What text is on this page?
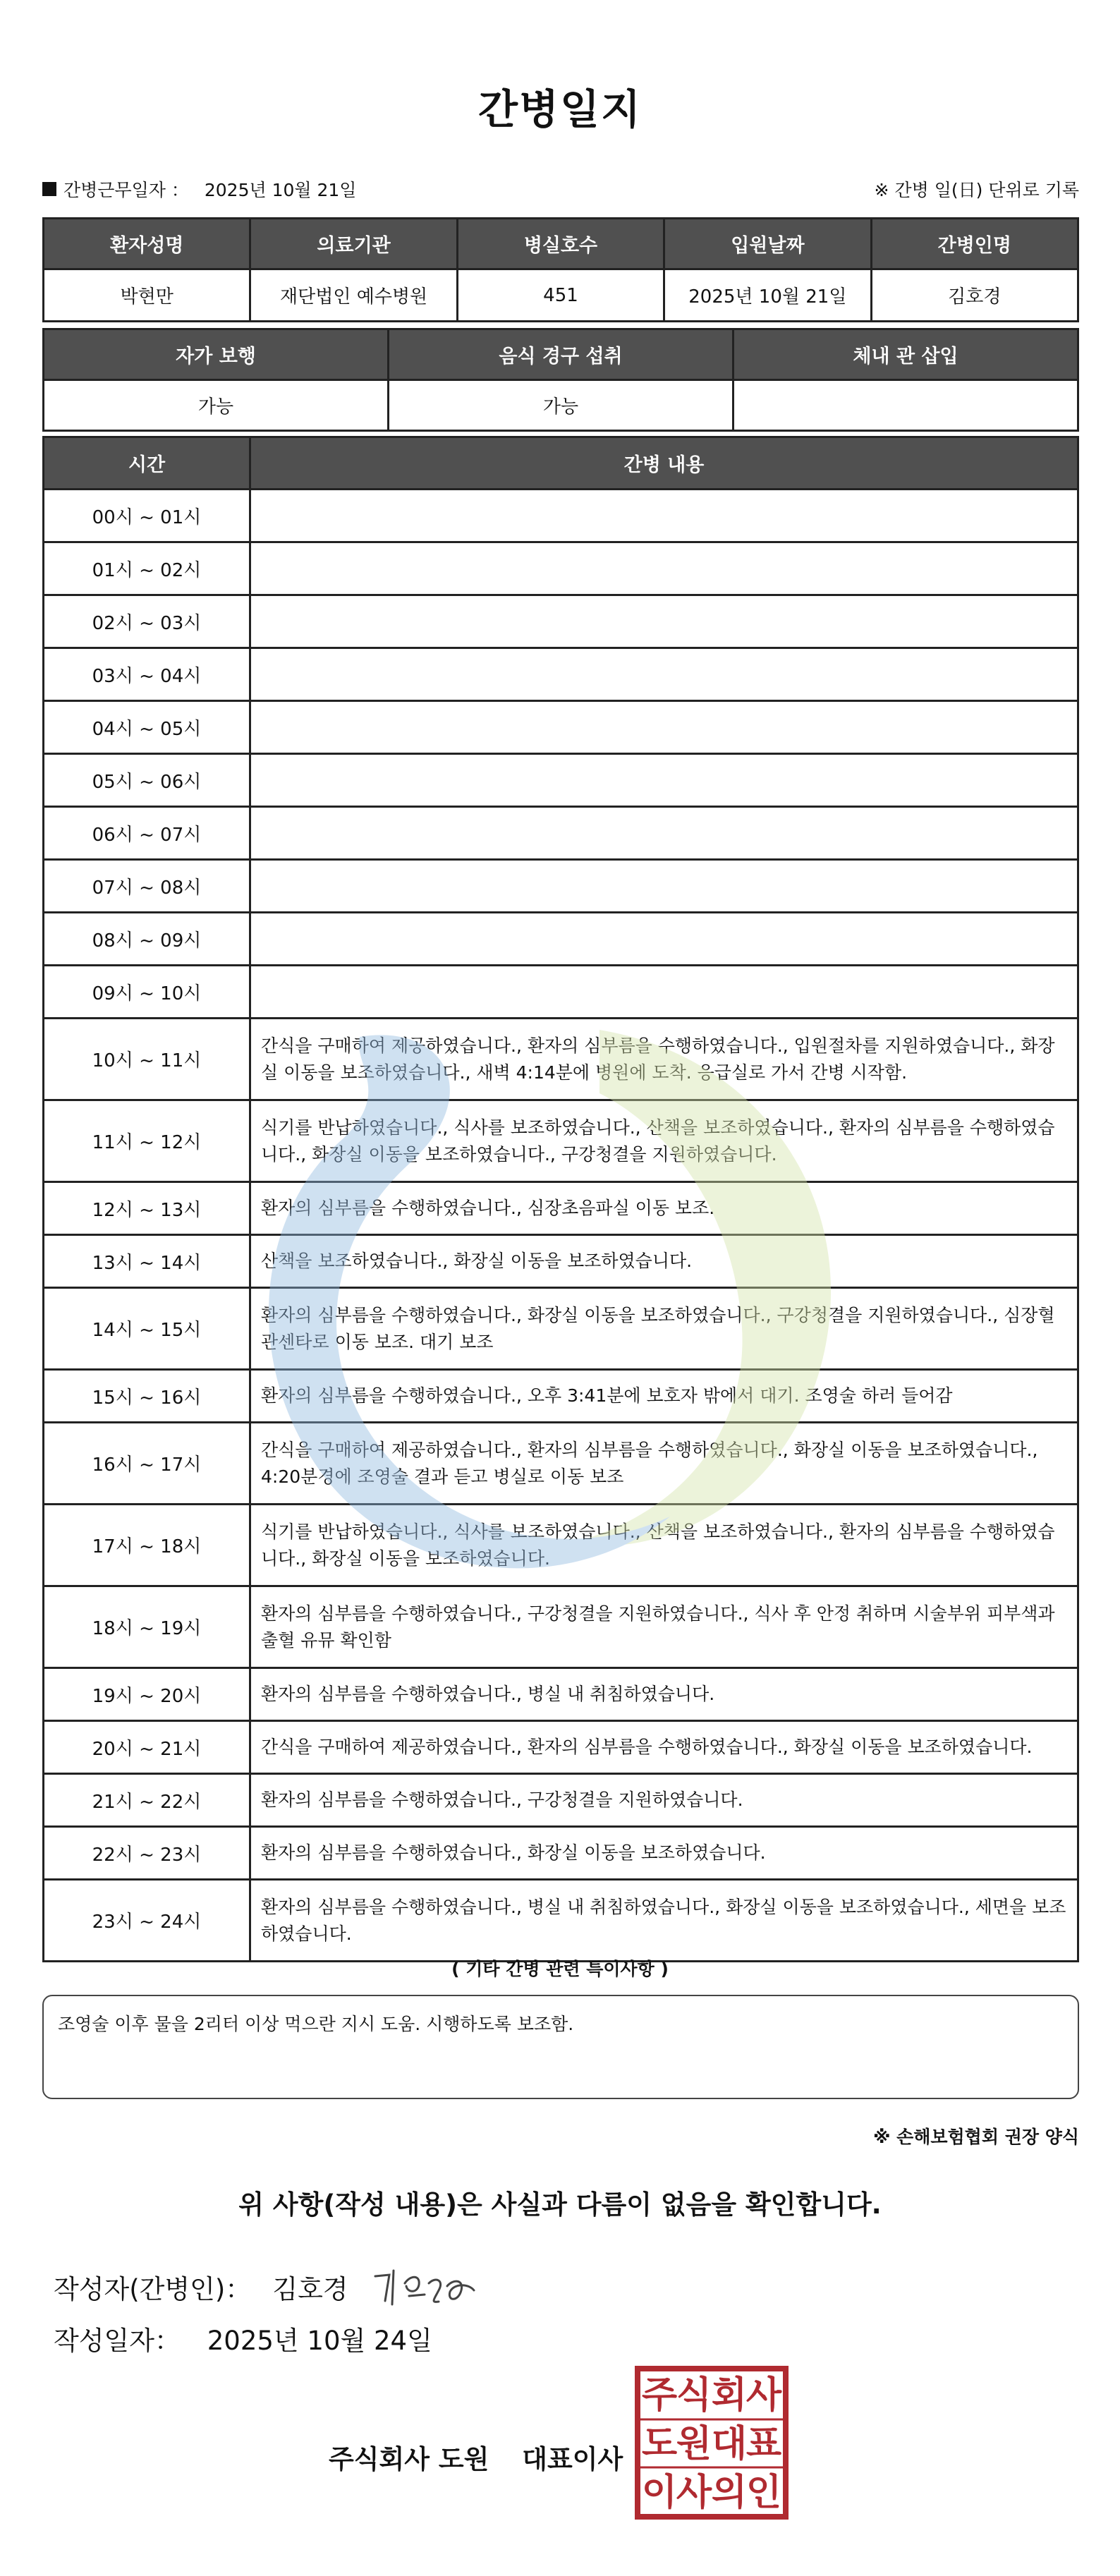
간병일지
간병근무일자 ： 2025년 10월 21일	※ 간병 일(日) 단위로 기록
환자성명	의료기관	병실호수	입원날짜	간병인명
박현만	재단법인 예수병원	451	2025년 10월 21일	김호경
자가 보행	음식 경구 섭취	체내 관 삽입
가능	가능	
시간	간병 내용
00시 ~ 01시	
01시 ~ 02시	
02시 ~ 03시	
03시 ~ 04시	
04시 ~ 05시	
05시 ~ 06시	
06시 ~ 07시	
07시 ~ 08시	
08시 ~ 09시	
09시 ~ 10시	
10시 ~ 11시	간식을 구매하여 제공하였습니다., 환자의 심부름을 수행하였습니다., 입원절차를 지원하였습니다., 화장실 이동을 보조하였습니다., 새벽 4:14분에 병원에 도착. 응급실로 가서 간병 시작함.
11시 ~ 12시	식기를 반납하였습니다., 식사를 보조하였습니다., 산책을 보조하였습니다., 환자의 심부름을 수행하였습니다., 화장실 이동을 보조하였습니다., 구강청결을 지원하였습니다.
12시 ~ 13시	환자의 심부름을 수행하였습니다., 심장초음파실 이동 보조.
13시 ~ 14시	산책을 보조하였습니다., 화장실 이동을 보조하였습니다.
14시 ~ 15시	환자의 심부름을 수행하였습니다., 화장실 이동을 보조하였습니다., 구강청결을 지원하였습니다., 심장혈관센타로 이동 보조. 대기 보조
15시 ~ 16시	환자의 심부름을 수행하였습니다., 오후 3:41분에 보호자 밖에서 대기. 조영술 하러 들어감
16시 ~ 17시	간식을 구매하여 제공하였습니다., 환자의 심부름을 수행하였습니다., 화장실 이동을 보조하였습니다., 4:20분경에 조영술 결과 듣고 병실로 이동 보조
17시 ~ 18시	식기를 반납하였습니다., 식사를 보조하였습니다., 산책을 보조하였습니다., 환자의 심부름을 수행하였습니다., 화장실 이동을 보조하였습니다.
18시 ~ 19시	환자의 심부름을 수행하였습니다., 구강청결을 지원하였습니다., 식사 후 안정 취하며 시술부위 피부색과 출혈 유뮤 확인함
19시 ~ 20시	환자의 심부름을 수행하였습니다., 병실 내 취침하였습니다.
20시 ~ 21시	간식을 구매하여 제공하였습니다., 환자의 심부름을 수행하였습니다., 화장실 이동을 보조하였습니다.
21시 ~ 22시	환자의 심부름을 수행하였습니다., 구강청결을 지원하였습니다.
22시 ~ 23시	환자의 심부름을 수행하였습니다., 화장실 이동을 보조하였습니다.
23시 ~ 24시	환자의 심부름을 수행하였습니다., 병실 내 취침하였습니다., 화장실 이동을 보조하였습니다., 세면을 보조하였습니다.
( 기타 간병 관련 특이사항 )
조영술 이후 물을 2리터 이상 먹으란 지시 도움. 시행하도록 보조함.
※ 손해보험협회 권장 양식
위 사항(작성 내용)은 사실과 다름이 없음을 확인합니다.
작성자(간병인)： 김호경
작성일자： 2025년 10월 24일
주식회사 도원 대표이사
주
식 회
사
도
원 대
표
이
사 의
인
